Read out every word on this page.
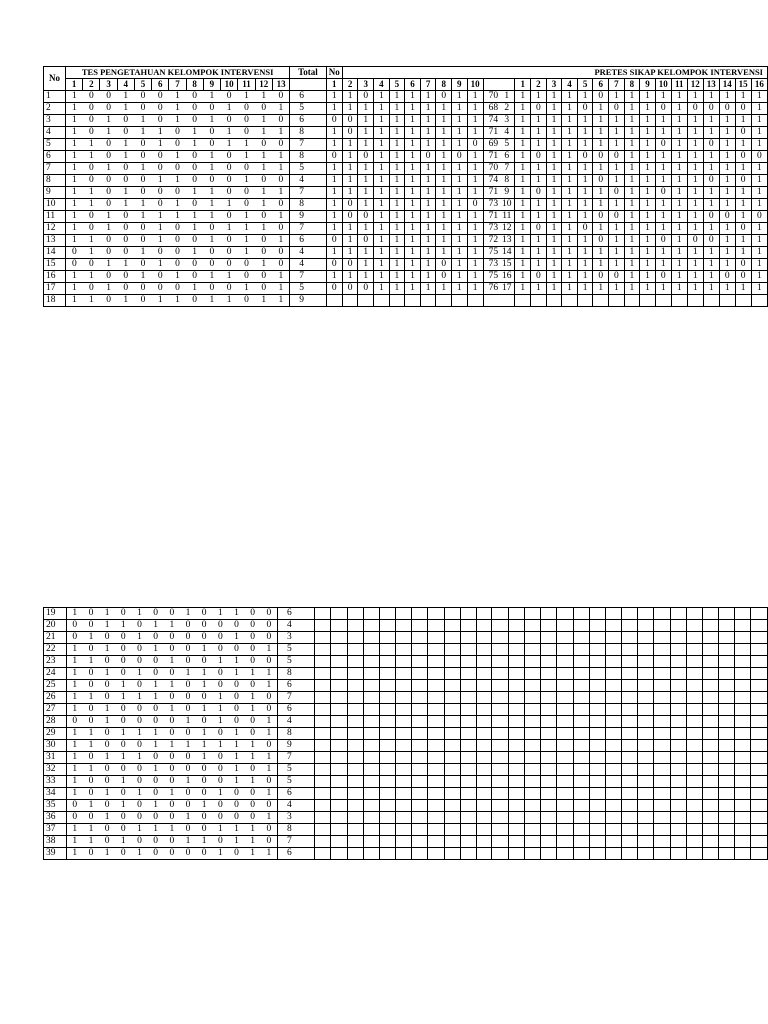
No	TES PENGETAHUAN KELOMPOK INTERVENSI													Total	No	PRETES SIKAP KELOMPOK INTERVENSI																										
	1	2	3	4	5	6	7	8	9	10	11	12	13		1	2	3	4	5	6	7	8	9	10			1	2	3	4	5	6	7	8	9	10	11	12	13	14	15	16
1	1	0	0	1	0	0	1	0	1	0	1	1	0	6	1	1	0	1	1	1	1	0	1	1	70	1	1	1	1	1	1	0	1	1	1	1	1	1	1	1	1	1
2	1	0	0	1	0	0	1	0	0	1	0	0	1	5	1	1	1	1	1	1	1	1	1	1	68	2	1	0	1	1	0	1	0	1	1	0	1	0	0	0	0	1
3	1	0	1	0	1	0	1	0	1	0	0	1	0	6	0	0	1	1	1	1	1	1	1	1	74	3	1	1	1	1	1	1	1	1	1	1	1	1	1	1	1	1
4	1	0	1	0	1	1	0	1	0	1	0	1	1	8	1	0	1	1	1	1	1	1	1	1	71	4	1	1	1	1	1	1	1	1	1	1	1	1	1	1	0	1
5	1	1	0	1	0	1	0	1	0	1	1	0	0	7	1	1	1	1	1	1	1	1	1	0	69	5	1	1	1	1	1	1	1	1	1	0	1	1	0	1	1	1
6	1	1	0	1	0	0	1	0	1	0	1	1	1	8	0	1	0	1	1	1	0	1	0	1	71	6	1	0	1	1	0	0	0	1	1	1	1	1	1	1	0	0
7	1	0	1	0	1	0	0	0	1	0	0	1	1	5	1	1	1	1	1	1	1	1	1	1	70	7	1	1	1	1	1	1	1	1	1	1	1	1	1	1	1	1
8	1	0	0	0	0	1	1	0	0	0	1	0	0	4	1	1	1	1	1	1	1	1	1	1	74	8	1	1	1	1	1	0	1	1	1	1	1	1	0	1	0	1
9	1	1	0	1	0	0	0	1	1	0	0	1	1	7	1	1	1	1	1	1	1	1	1	1	71	9	1	0	1	1	1	1	0	1	1	0	1	1	1	1	1	1
10	1	1	0	1	1	0	1	0	1	1	0	1	0	8	1	0	1	1	1	1	1	1	1	0	73	10	1	1	1	1	1	1	1	1	1	1	1	1	1	1	1	1
11	1	0	1	0	1	1	1	1	1	0	1	0	1	9	1	0	0	1	1	1	1	1	1	1	71	11	1	1	1	1	1	0	0	1	1	1	1	1	0	0	1	0
12	1	0	1	0	0	1	0	1	0	1	1	1	0	7	1	1	1	1	1	1	1	1	1	1	73	12	1	0	1	1	0	1	1	1	1	1	1	1	1	1	0	1
13	1	1	0	0	0	1	0	0	1	0	1	0	1	6	0	1	0	1	1	1	1	1	1	1	72	13	1	1	1	1	1	0	1	1	1	0	1	0	0	1	1	1
14	0	1	0	0	1	0	0	1	0	0	1	0	0	4	1	1	1	1	1	1	1	1	1	1	75	14	1	1	1	1	1	1	1	1	1	1	1	1	1	1	1	1
15	0	0	1	1	0	1	0	0	0	0	0	1	0	4	0	0	1	1	1	1	1	0	1	1	73	15	1	1	1	1	1	1	1	1	1	1	1	1	1	1	0	1
16	1	1	0	0	1	0	1	0	1	1	0	0	1	7	1	1	1	1	1	1	1	0	1	1	75	16	1	0	1	1	1	0	0	1	1	0	1	1	1	0	0	1
17	1	0	1	0	0	0	0	1	0	0	1	0	1	5	0	0	0	1	1	1	1	1	1	1	76	17	1	1	1	1	1	1	1	1	1	1	1	1	1	1	1	1
18	1	1	0	1	0	1	1	0	1	1	0	1	1	9																												
19	1	0	1	0	1	0	0	1	0	1	1	0	0	6																												
20	0	0	1	1	0	1	1	0	0	0	0	0	0	4																												
21	0	1	0	0	1	0	0	0	0	0	1	0	0	3																												
22	1	0	1	0	0	1	0	0	1	0	0	0	1	5																												
23	1	1	0	0	0	0	1	0	0	1	1	0	0	5																												
24	1	0	1	0	1	0	0	1	1	0	1	1	1	8																												
25	1	0	0	1	0	1	1	0	1	0	0	0	1	6																												
26	1	1	0	1	1	1	0	0	0	1	0	1	0	7																												
27	1	0	1	0	0	0	1	0	1	1	0	1	0	6																												
28	0	0	1	0	0	0	0	1	0	1	0	0	1	4																												
29	1	1	0	1	1	1	0	0	1	0	1	0	1	8																												
30	1	1	0	0	0	1	1	1	1	1	1	1	0	9																												
31	1	0	1	1	1	0	0	0	1	0	1	1	1	7																												
32	1	1	0	0	0	1	0	0	0	0	1	0	1	5																												
33	1	0	0	1	0	0	0	1	0	0	1	1	0	5																												
34	1	0	1	0	1	0	1	0	0	1	0	0	1	6																												
35	0	1	0	1	0	1	0	0	1	0	0	0	0	4																												
36	0	0	1	0	0	0	0	1	0	0	0	0	1	3																												
37	1	1	0	0	1	1	1	0	0	1	1	1	0	8																												
38	1	1	0	1	0	0	0	1	1	0	1	1	0	7																												
39	1	0	1	0	1	0	0	0	0	1	0	1	1	6																												
